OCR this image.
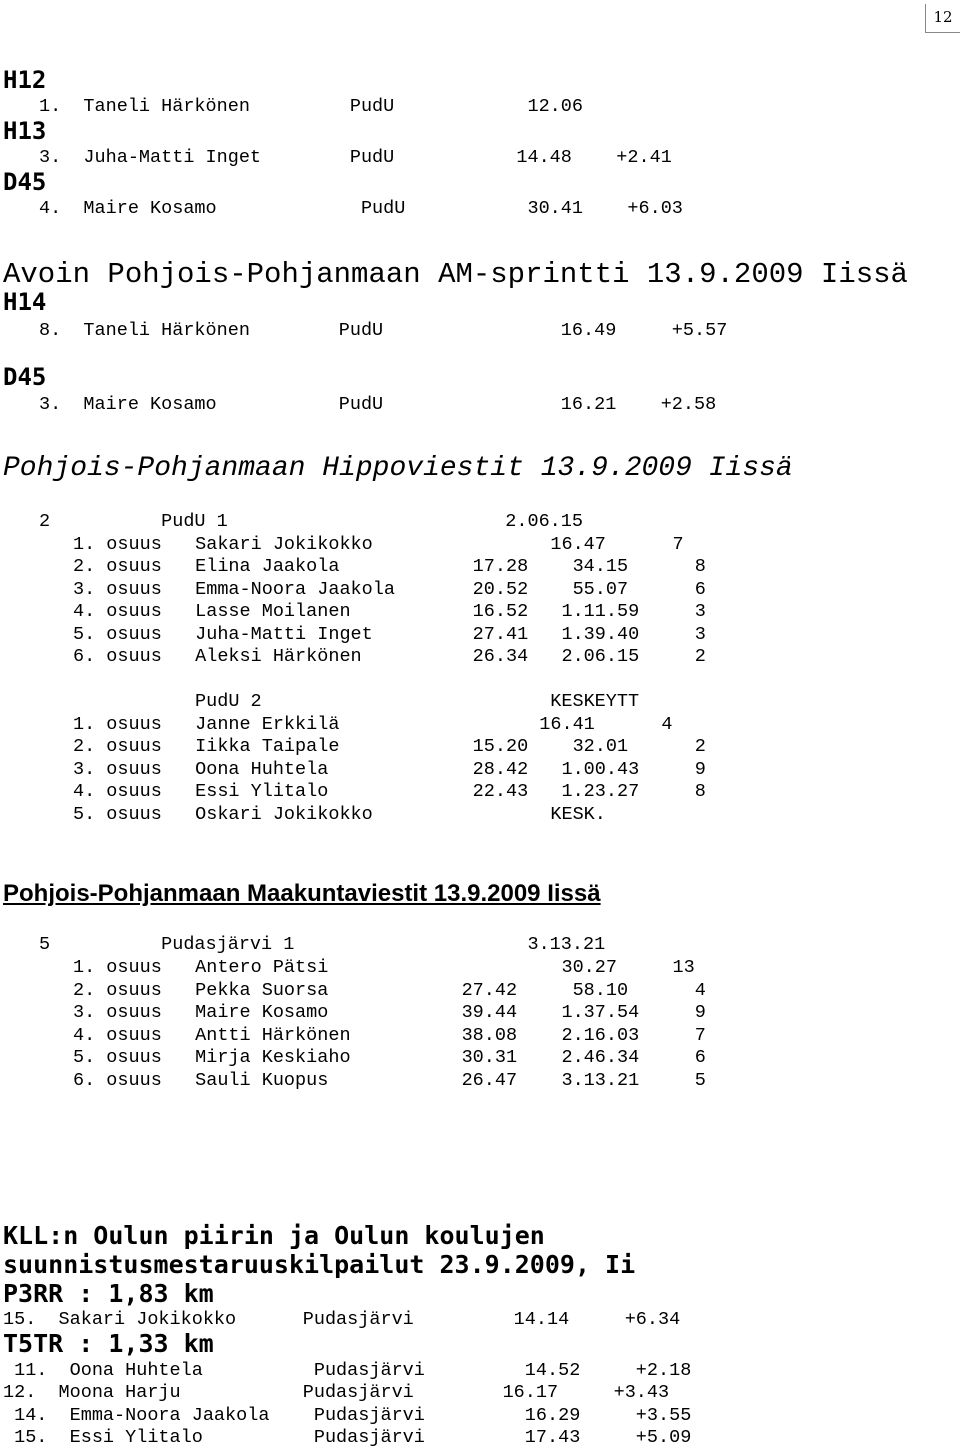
12
H12
1.  Taneli Härkönen         PudU            12.06
H13
3.  Juha-Matti Inget        PudU           14.48    +2.41
D45
4.  Maire Kosamo             PudU           30.41    +6.03
Avoin Pohjois-Pohjanmaan AM-sprintti 13.9.2009 Iissä
H14
8.  Taneli Härkönen        PudU                16.49     +5.57
D45
3.  Maire Kosamo           PudU                16.21    +2.58
Pohjois-Pohjanmaan Hippoviestit 13.9.2009 Iissä
2          PudU 1                         2.06.15
1. osuus   Sakari Jokikokko                16.47      7
2. osuus   Elina Jaakola            17.28    34.15      8
3. osuus   Emma-Noora Jaakola       20.52    55.07      6
4. osuus   Lasse Moilanen           16.52   1.11.59     3
5. osuus   Juha-Matti Inget         27.41   1.39.40     3
6. osuus   Aleksi Härkönen          26.34   2.06.15     2
PudU 2                          KESKEYTT
1. osuus   Janne Erkkilä                  16.41      4
2. osuus   Iikka Taipale            15.20    32.01      2
3. osuus   Oona Huhtela             28.42   1.00.43     9
4. osuus   Essi Ylitalo             22.43   1.23.27     8
5. osuus   Oskari Jokikokko                KESK.
Pohjois-Pohjanmaan Maakuntaviestit 13.9.2009 Iissä
5          Pudasjärvi 1                     3.13.21
1. osuus   Antero Pätsi                     30.27     13
2. osuus   Pekka Suorsa            27.42     58.10      4
3. osuus   Maire Kosamo            39.44    1.37.54     9
4. osuus   Antti Härkönen          38.08    2.16.03     7
5. osuus   Mirja Keskiaho          30.31    2.46.34     6
6. osuus   Sauli Kuopus            26.47    3.13.21     5
KLL:n Oulun piirin ja Oulun koulujen
suunnistusmestaruuskilpailut 23.9.2009, Ii
P3RR : 1,83 km
15.  Sakari Jokikokko      Pudasjärvi         14.14     +6.34
T5TR : 1,33 km
11.  Oona Huhtela          Pudasjärvi         14.52     +2.18
12.  Moona Harju           Pudasjärvi        16.17     +3.43
14.  Emma-Noora Jaakola    Pudasjärvi         16.29     +3.55
15.  Essi Ylitalo          Pudasjärvi         17.43     +5.09
